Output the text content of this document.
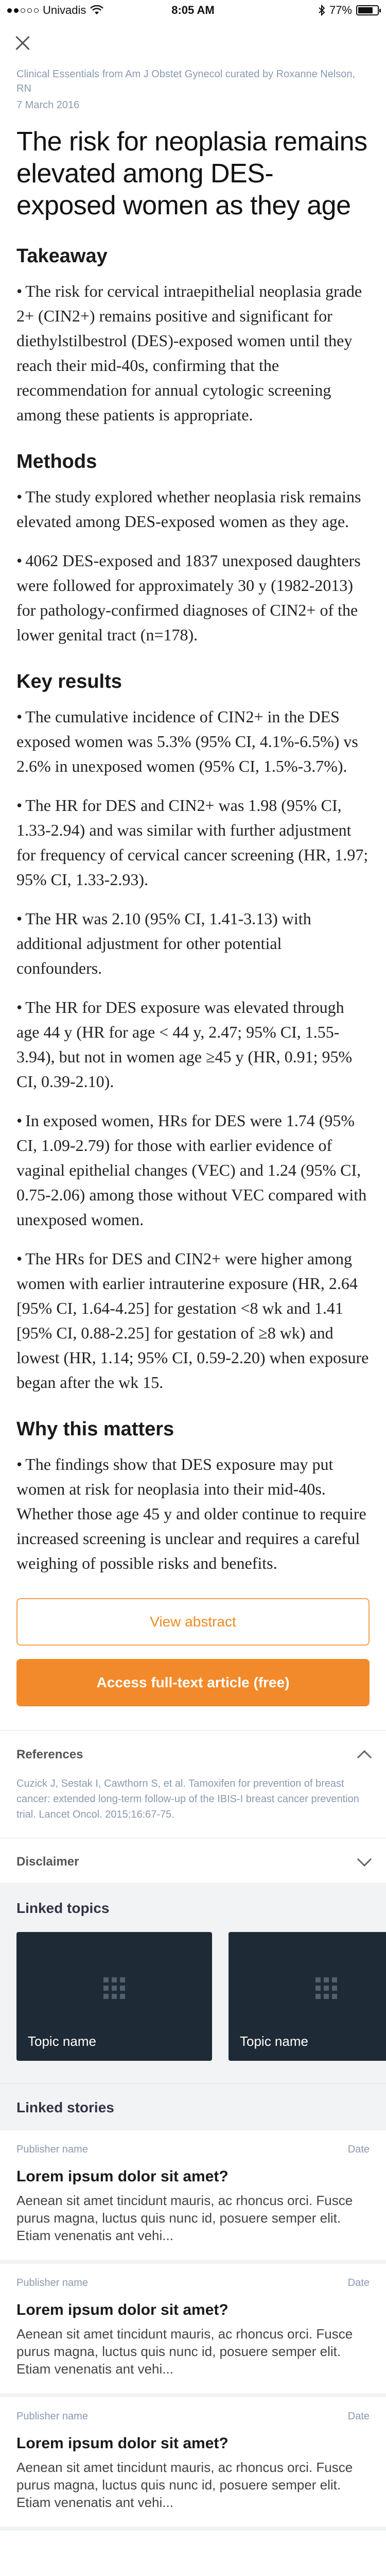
Univadis	8:05 AM	77%
Clinical Essentials from Am J Obstet Gynecol curated by Roxanne Nelson, RN
7 March 2016
The risk for neoplasia remains elevated among DES-exposed women as they age
Takeaway

• The risk for cervical intraepithelial neoplasia grade 2+ (CIN2+) remains positive and significant for diethylstilbestrol (DES)-exposed women until they reach their mid-40s, confirming that the recommendation for annual cytologic screening among these patients is appropriate.

Methods

• The study explored whether neoplasia risk remains elevated among DES-exposed women as they age.

• 4062 DES-exposed and 1837 unexposed daughters were followed for approximately 30 y (1982-2013) for pathology-confirmed diagnoses of CIN2+ of the lower genital tract (n=178).

Key results

• The cumulative incidence of CIN2+ in the DES exposed women was 5.3% (95% CI, 4.1%-6.5%) vs 2.6% in unexposed women (95% CI, 1.5%-3.7%).

• The HR for DES and CIN2+ was 1.98 (95% CI, 1.33-2.94) and was similar with further adjustment for frequency of cervical cancer screening (HR, 1.97; 95% CI, 1.33-2.93).

• The HR was 2.10 (95% CI, 1.41-3.13) with additional adjustment for other potential confounders.

• The HR for DES exposure was elevated through age 44 y (HR for age < 44 y, 2.47; 95% CI, 1.55-3.94), but not in women age ≥45 y (HR, 0.91; 95% CI, 0.39-2.10).

• In exposed women, HRs for DES were 1.74 (95% CI, 1.09-2.79) for those with earlier evidence of vaginal epithelial changes (VEC) and 1.24 (95% CI, 0.75-2.06) among those without VEC compared with unexposed women.

• The HRs for DES and CIN2+ were higher among women with earlier intrauterine exposure (HR, 2.64 [95% CI, 1.64-4.25] for gestation <8 wk and 1.41 [95% CI, 0.88-2.25] for gestation of ≥8 wk) and lowest (HR, 1.14; 95% CI, 0.59-2.20) when exposure began after the wk 15.

Why this matters

• The findings show that DES exposure may put women at risk for neoplasia into their mid-40s. Whether those age 45 y and older continue to require increased screening is unclear and requires a careful weighing of possible risks and benefits.

View abstract
Access full-text article (free)
References
Cuzick J, Sestak I, Cawthorn S, et al. Tamoxifen for prevention of breast cancer: extended long-term follow-up of the IBIS-I breast cancer prevention trial. Lancet Oncol. 2015;16:67-75.
Disclaimer
Linked topics
Topic name	Topic name
Linked stories
Publisher name	Date
Lorem ipsum dolor sit amet?
Aenean sit amet tincidunt mauris, ac rhoncus orci. Fusce purus magna, luctus quis nunc id, posuere semper elit. Etiam venenatis ant vehi...
Publisher name	Date
Lorem ipsum dolor sit amet?
Aenean sit amet tincidunt mauris, ac rhoncus orci. Fusce purus magna, luctus quis nunc id, posuere semper elit. Etiam venenatis ant vehi...
Publisher name	Date
Lorem ipsum dolor sit amet?
Aenean sit amet tincidunt mauris, ac rhoncus orci. Fusce purus magna, luctus quis nunc id, posuere semper elit. Etiam venenatis ant vehi...
